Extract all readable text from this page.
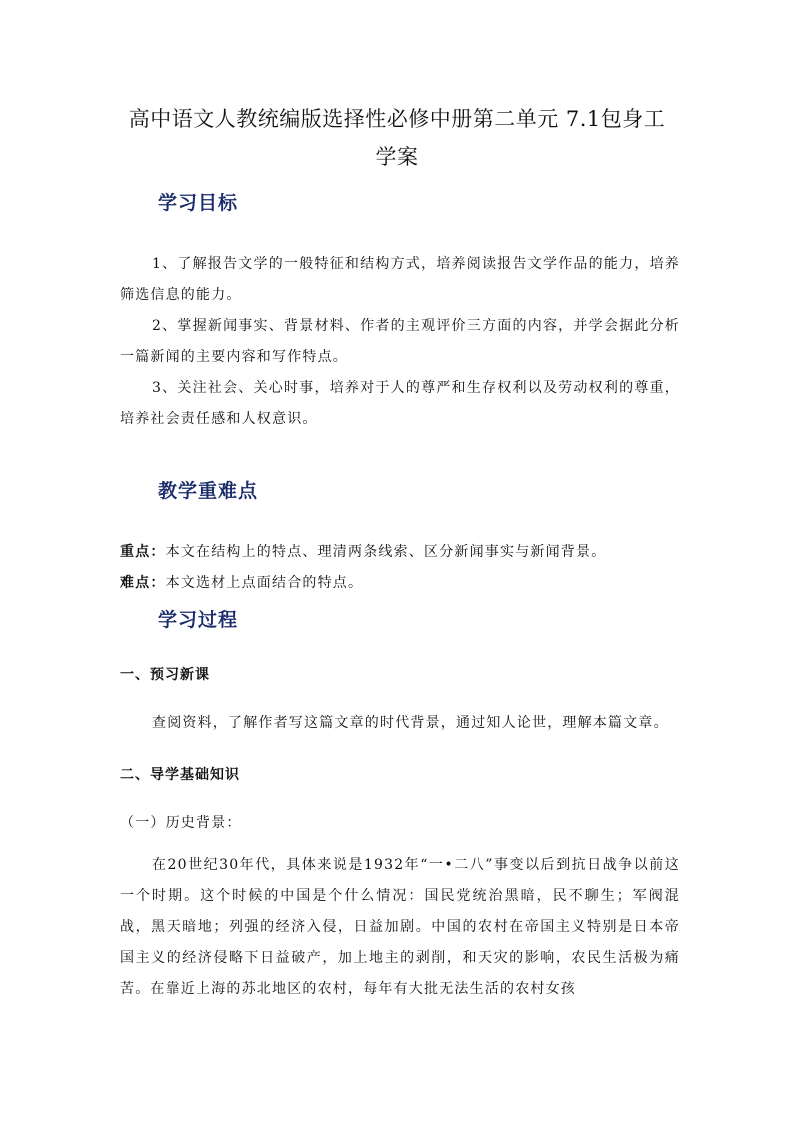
高中语文人教统编版选择性必修中册第二单元 7.1包身工
学案
学习目标
1、了解报告文学的一般特征和结构方式，培养阅读报告文学作品的能力，培养筛选信息的能力。
2、掌握新闻事实、背景材料、作者的主观评价三方面的内容，并学会据此分析一篇新闻的主要内容和写作特点。
3、关注社会、关心时事，培养对于人的尊严和生存权利以及劳动权利的尊重，培养社会责任感和人权意识。
教学重难点
重点：本文在结构上的特点、理清两条线索、区分新闻事实与新闻背景。
难点：本文选材上点面结合的特点。
学习过程
一、预习新课
查阅资料，了解作者写这篇文章的时代背景，通过知人论世，理解本篇文章。
二、导学基础知识
（一）历史背景：
在20世纪30年代，具体来说是1932年“一•二八”事变以后到抗日战争以前这一个时期。这个时候的中国是个什么情况：国民党统治黑暗，民不聊生；军阀混战，黑天暗地；列强的经济入侵，日益加剧。中国的农村在帝国主义特别是日本帝国主义的经济侵略下日益破产，加上地主的剥削，和天灾的影响，农民生活极为痛苦。在靠近上海的苏北地区的农村，每年有大批无法生活的农村女孩
